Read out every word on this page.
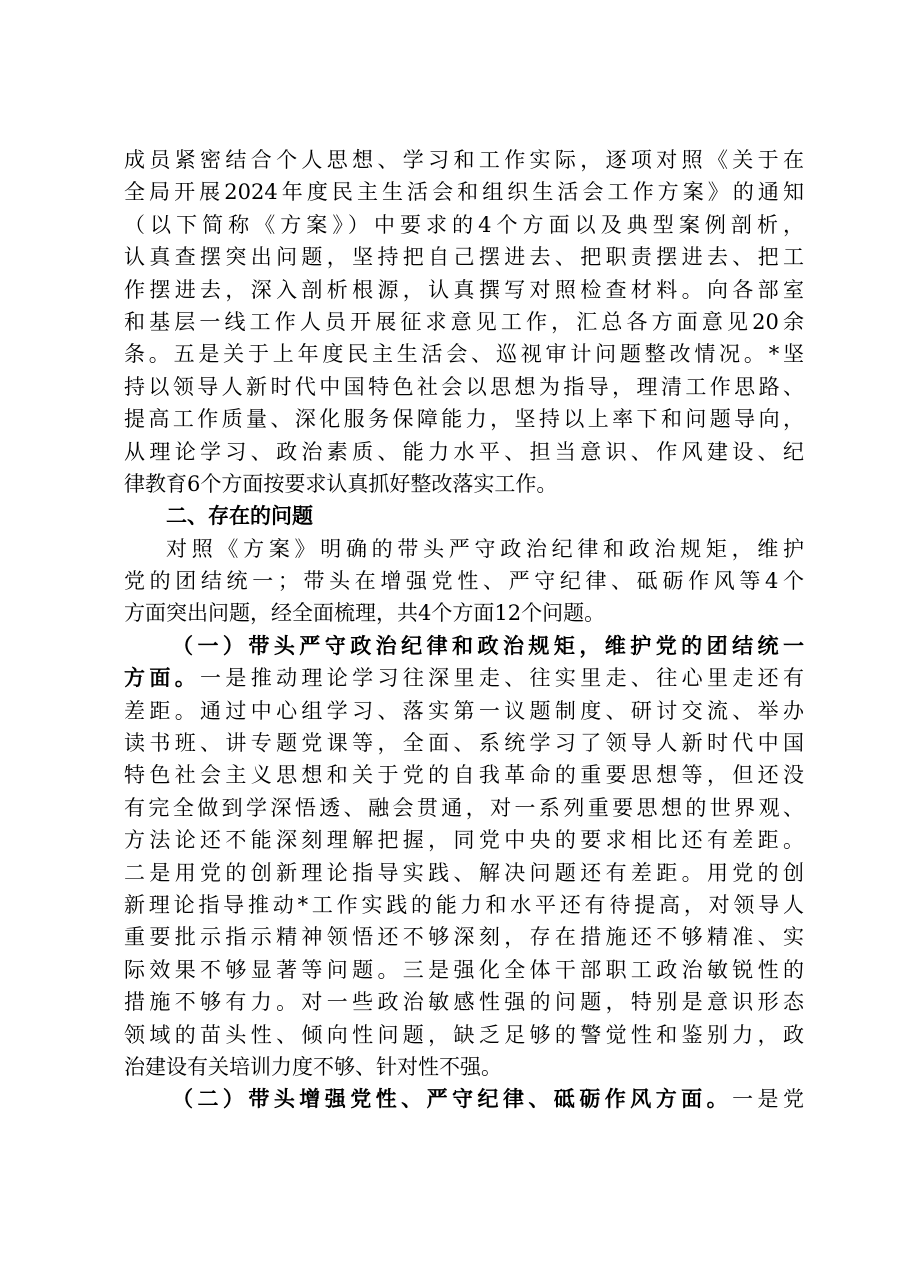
成员紧密结合个人思想、学习和工作实际，逐项对照《关于在
全局开展2024年度民主生活会和组织生活会工作方案》的通知
（以下简称《方案》）中要求的4个方面以及典型案例剖析，
认真查摆突出问题，坚持把自己摆进去、把职责摆进去、把工
作摆进去，深入剖析根源，认真撰写对照检查材料。向各部室
和基层一线工作人员开展征求意见工作，汇总各方面意见20余
条。五是关于上年度民主生活会、巡视审计问题整改情况。*坚
持以领导人新时代中国特色社会以思想为指导，理清工作思路、
提高工作质量、深化服务保障能力，坚持以上率下和问题导向，
从理论学习、政治素质、能力水平、担当意识、作风建设、纪
律教育6个方面按要求认真抓好整改落实工作。
二、存在的问题
对照《方案》明确的带头严守政治纪律和政治规矩，维护
党的团结统一；带头在增强党性、严守纪律、砥砺作风等4个
方面突出问题，经全面梳理，共4个方面12个问题。
（一）带头严守政治纪律和政治规矩，维护党的团结统一
方面。一是推动理论学习往深里走、往实里走、往心里走还有
差距。通过中心组学习、落实第一议题制度、研讨交流、举办
读书班、讲专题党课等，全面、系统学习了领导人新时代中国
特色社会主义思想和关于党的自我革命的重要思想等，但还没
有完全做到学深悟透、融会贯通，对一系列重要思想的世界观、
方法论还不能深刻理解把握，同党中央的要求相比还有差距。
二是用党的创新理论指导实践、解决问题还有差距。用党的创
新理论指导推动*工作实践的能力和水平还有待提高，对领导人
重要批示指示精神领悟还不够深刻，存在措施还不够精准、实
际效果不够显著等问题。三是强化全体干部职工政治敏锐性的
措施不够有力。对一些政治敏感性强的问题，特别是意识形态
领域的苗头性、倾向性问题，缺乏足够的警觉性和鉴别力，政
治建设有关培训力度不够、针对性不强。
（二）带头增强党性、严守纪律、砥砺作风方面。一是党
